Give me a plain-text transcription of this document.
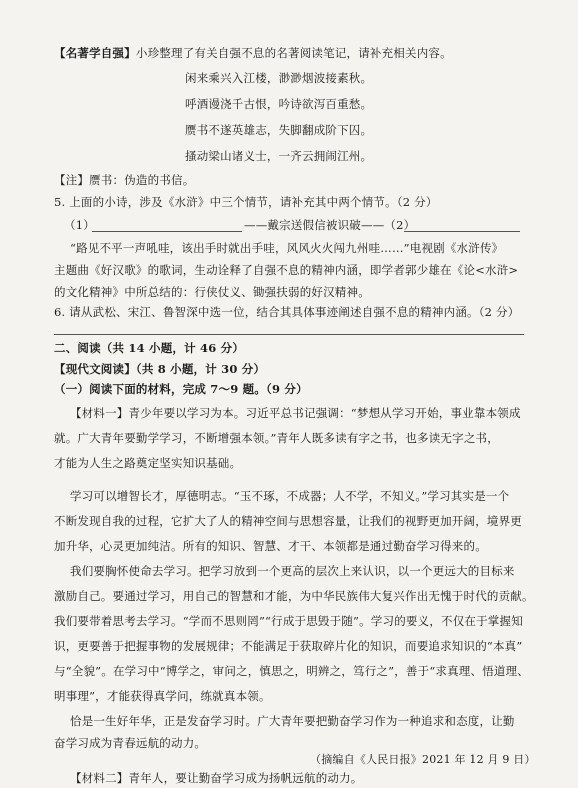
【名著学自强】小珍整理了有关自强不息的名著阅读笔记，请补充相关内容。
闲来乘兴入江楼，渺渺烟波接素秋。
呼酒谩浇千古恨，吟诗欲泻百重愁。
赝书不遂英雄志，失脚翻成阶下囚。
搔动梁山诸义士，一齐云拥闹江州。
【注】赝书：伪造的书信。
5. 上面的小诗，涉及《水浒》中三个情节，请补充其中两个情节。（2 分）
（1）	——戴宗送假信被识破——（2）
“路见不平一声吼哇，该出手时就出手哇，风风火火闯九州哇……”电视剧《水浒传》
主题曲《好汉歌》的歌词，生动诠释了自强不息的精神内涵，即学者郭少雄在《论<水浒>
的文化精神》中所总结的：行侠仗义、锄强扶弱的好汉精神。
6. 请从武松、宋江、鲁智深中选一位，结合其具体事迹阐述自强不息的精神内涵。（2 分）
二、阅读（共 14 小题，计 46 分）
【现代文阅读】（共 8 小题，计 30 分）
（一）阅读下面的材料，完成 7～9 题。（9 分）
【材料一】青少年要以学习为本。习近平总书记强调：“梦想从学习开始，事业靠本领成
就。广大青年要勤学学习，不断增强本领。”青年人既多读有字之书，也多读无字之书，
才能为人生之路奠定坚实知识基础。
学习可以增智长才，厚德明志。“玉不琢，不成器；人不学，不知义。”学习其实是一个
不断发现自我的过程，它扩大了人的精神空间与思想容量，让我们的视野更加开阔，境界更
加升华，心灵更加纯洁。所有的知识、智慧、才干、本领都是通过勤奋学习得来的。
我们要胸怀使命去学习。把学习放到一个更高的层次上来认识，以一个更远大的目标来
激励自己。要通过学习，用自己的智慧和才能，为中华民族伟大复兴作出无愧于时代的贡献。
我们要带着思考去学习。“学而不思则罔”“行成于思毁于随”。学习的要义，不仅在于掌握知
识，更要善于把握事物的发展规律；不能满足于获取碎片化的知识，而要追求知识的“本真”
与“全貌”。在学习中“博学之，审问之，慎思之，明辨之，笃行之”，善于“求真理、悟道理、
明事理”，才能获得真学问，练就真本领。
恰是一生好年华，正是发奋学习时。广大青年要把勤奋学习作为一种追求和态度，让勤
奋学习成为青春远航的动力。
（摘编自《人民日报》2021 年 12 月 9 日）
【材料二】青年人，要让勤奋学习成为扬帆远航的动力。
